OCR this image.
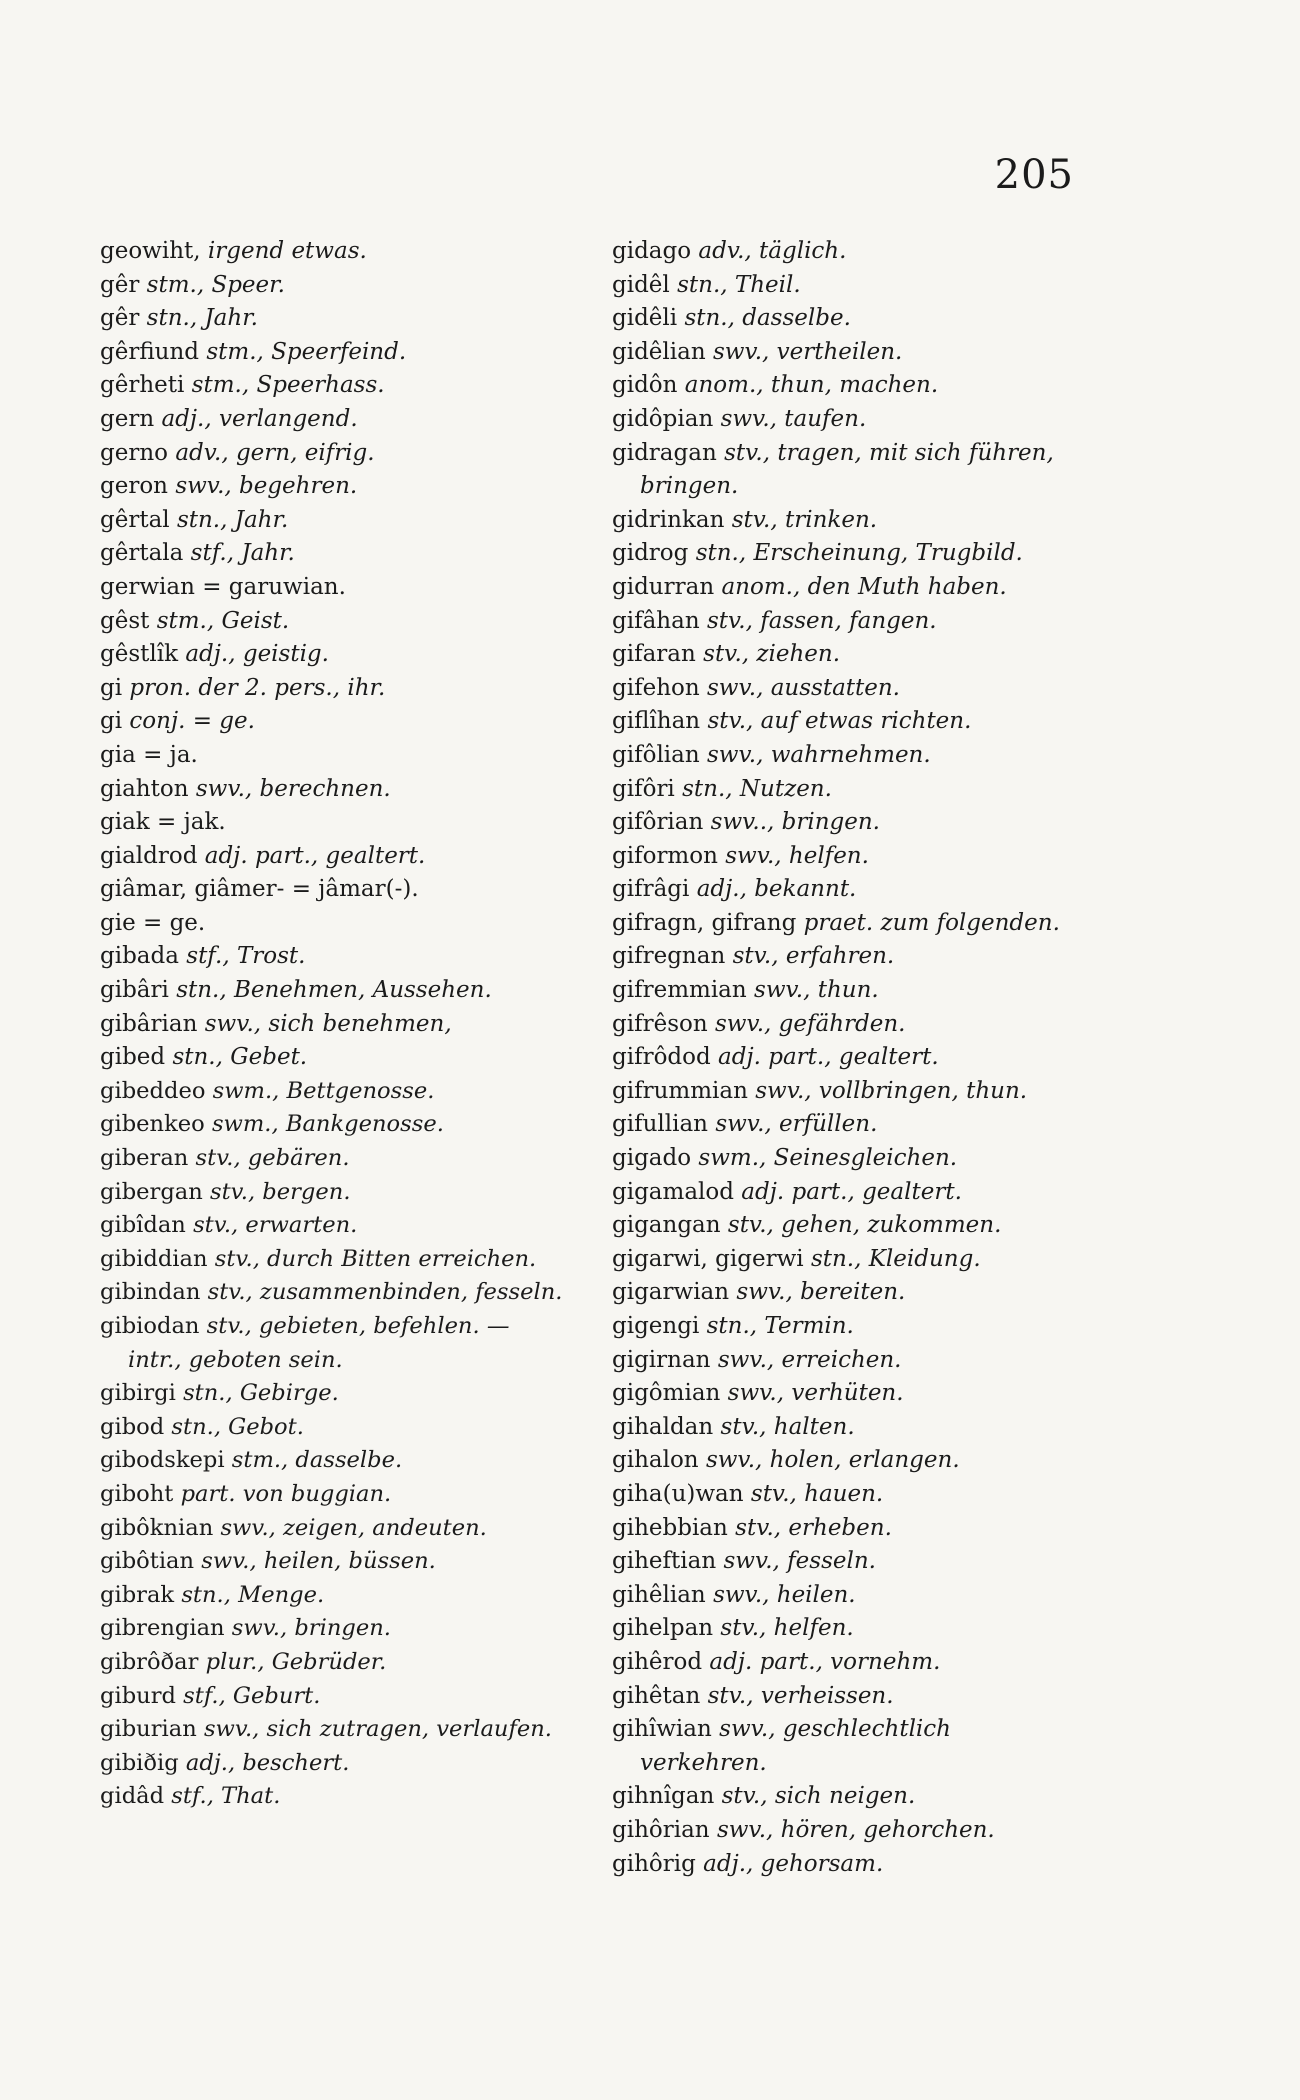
205

geowiht, irgend etwas.

gêr stm., Speer.

gêr stn., Jahr.

gêrfiund stm., Speerfeind.

gêrheti stm., Speerhass.

gern adj., verlangend.

gerno adv., gern, eifrig.

geron swv., begehren.

gêrtal stn., Jahr.

gêrtala stf., Jahr.

gerwian = garuwian.

gêst stm., Geist.

gêstlîk adj., geistig.

gi pron. der 2. pers., ihr.

gi conj. = ge.

gia = ja.

giahton swv., berechnen.

giak = jak.

gialdrod adj. part., gealtert.

giâmar, giâmer- = jâmar(-).

gie = ge.

gibada stf., Trost.

gibâri stn., Benehmen, Aussehen.

gibârian swv., sich benehmen,

gibed stn., Gebet.

gibeddeo swm., Bettgenosse.

gibenkeo swm., Bankgenosse.

giberan stv., gebären.

gibergan stv., bergen.

gibîdan stv., erwarten.

gibiddian stv., durch Bitten erreichen.

gibindan stv., zusammenbinden, fesseln.

gibiodan stv., gebieten, befehlen. — intr., geboten sein.

gibirgi stn., Gebirge.

gibod stn., Gebot.

gibodskepi stm., dasselbe.

giboht part. von buggian.

gibôknian swv., zeigen, andeuten.

gibôtian swv., heilen, büssen.

gibrak stn., Menge.

gibrengian swv., bringen.

gibrôðar plur., Gebrüder.

giburd stf., Geburt.

giburian swv., sich zutragen, verlaufen.

gibiðig adj., beschert.

gidâd stf., That.

gidago adv., täglich.

gidêl stn., Theil.

gidêli stn., dasselbe.

gidêlian swv., vertheilen.

gidôn anom., thun, machen.

gidôpian swv., taufen.

gidragan stv., tragen, mit sich führen, bringen.

gidrinkan stv., trinken.

gidrog stn., Erscheinung, Trugbild.

gidurran anom., den Muth haben.

gifâhan stv., fassen, fangen.

gifaran stv., ziehen.

gifehon swv., ausstatten.

giflîhan stv., auf etwas richten.

gifôlian swv., wahrnehmen.

gifôri stn., Nutzen.

gifôrian swv.., bringen.

giformon swv., helfen.

gifrâgi adj., bekannt.

gifragn, gifrang praet. zum folgenden.

gifregnan stv., erfahren.

gifremmian swv., thun.

gifrêson swv., gefährden.

gifrôdod adj. part., gealtert.

gifrummian swv., vollbringen, thun.

gifullian swv., erfüllen.

gigado swm., Seinesgleichen.

gigamalod adj. part., gealtert.

gigangan stv., gehen, zukommen.

gigarwi, gigerwi stn., Kleidung.

gigarwian swv., bereiten.

gigengi stn., Termin.

gigirnan swv., erreichen.

gigômian swv., verhüten.

gihaldan stv., halten.

gihalon swv., holen, erlangen.

giha(u)wan stv., hauen.

gihebbian stv., erheben.

giheftian swv., fesseln.

gihêlian swv., heilen.

gihelpan stv., helfen.

gihêrod adj. part., vornehm.

gihêtan stv., verheissen.

gihîwian swv., geschlechtlich verkehren.

gihnîgan stv., sich neigen.

gihôrian swv., hören, gehorchen.

gihôrig adj., gehorsam.
